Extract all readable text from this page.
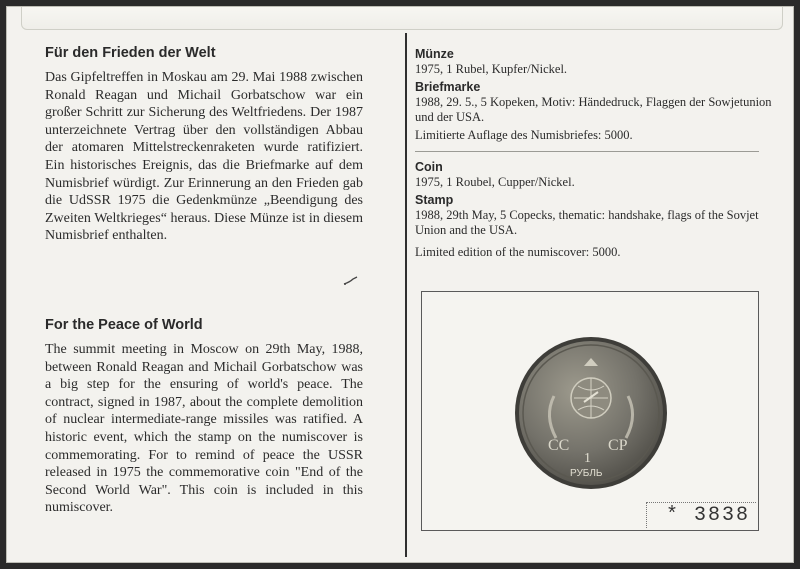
Für den Frieden der Welt

Das Gipfeltreffen in Moskau am 29. Mai 1988 zwischen Ronald Reagan und Michail Gorbatschow war ein großer Schritt zur Sicherung des Weltfriedens. Der 1987 unterzeichnete Vertrag über den vollständigen Abbau der atomaren Mittelstreckenraketen wurde ratifiziert. Ein historisches Ereignis, das die Briefmarke auf dem Numisbrief würdigt. Zur Erinnerung an den Frieden gab die UdSSR 1975 die Gedenkmünze „Beendigung des Zweiten Weltkrieges“ heraus. Diese Münze ist in diesem Numisbrief enthalten.

For the Peace of World

The summit meeting in Moscow on 29th May, 1988, between Ronald Reagan and Michail Gorbatschow was a big step for the ensuring of world's peace. The contract, signed in 1987, about the complete demolition of nuclear intermediate-range missiles was ratified. A historic event, which the stamp on the numiscover is commemorating. For to remind of peace the USSR released in 1975 the commemorative coin "End of the Second World War". This coin is included in this numiscover.

Münze

1975, 1 Rubel, Kupfer/Nickel.

Briefmarke

1988, 29. 5., 5 Kopeken, Motiv: Händedruck, Flaggen der Sowjetunion und der USA.

Limitierte Auflage des Numisbriefes: 5000.

Coin

1975, 1 Roubel, Cupper/Nickel.

Stamp

1988, 29th May, 5 Copecks, thematic: handshake, flags of the Sovjet Union and the USA.

Limited edition of the numiscover: 5000.

СС СР
1
РУБЛЬ
* 3838
